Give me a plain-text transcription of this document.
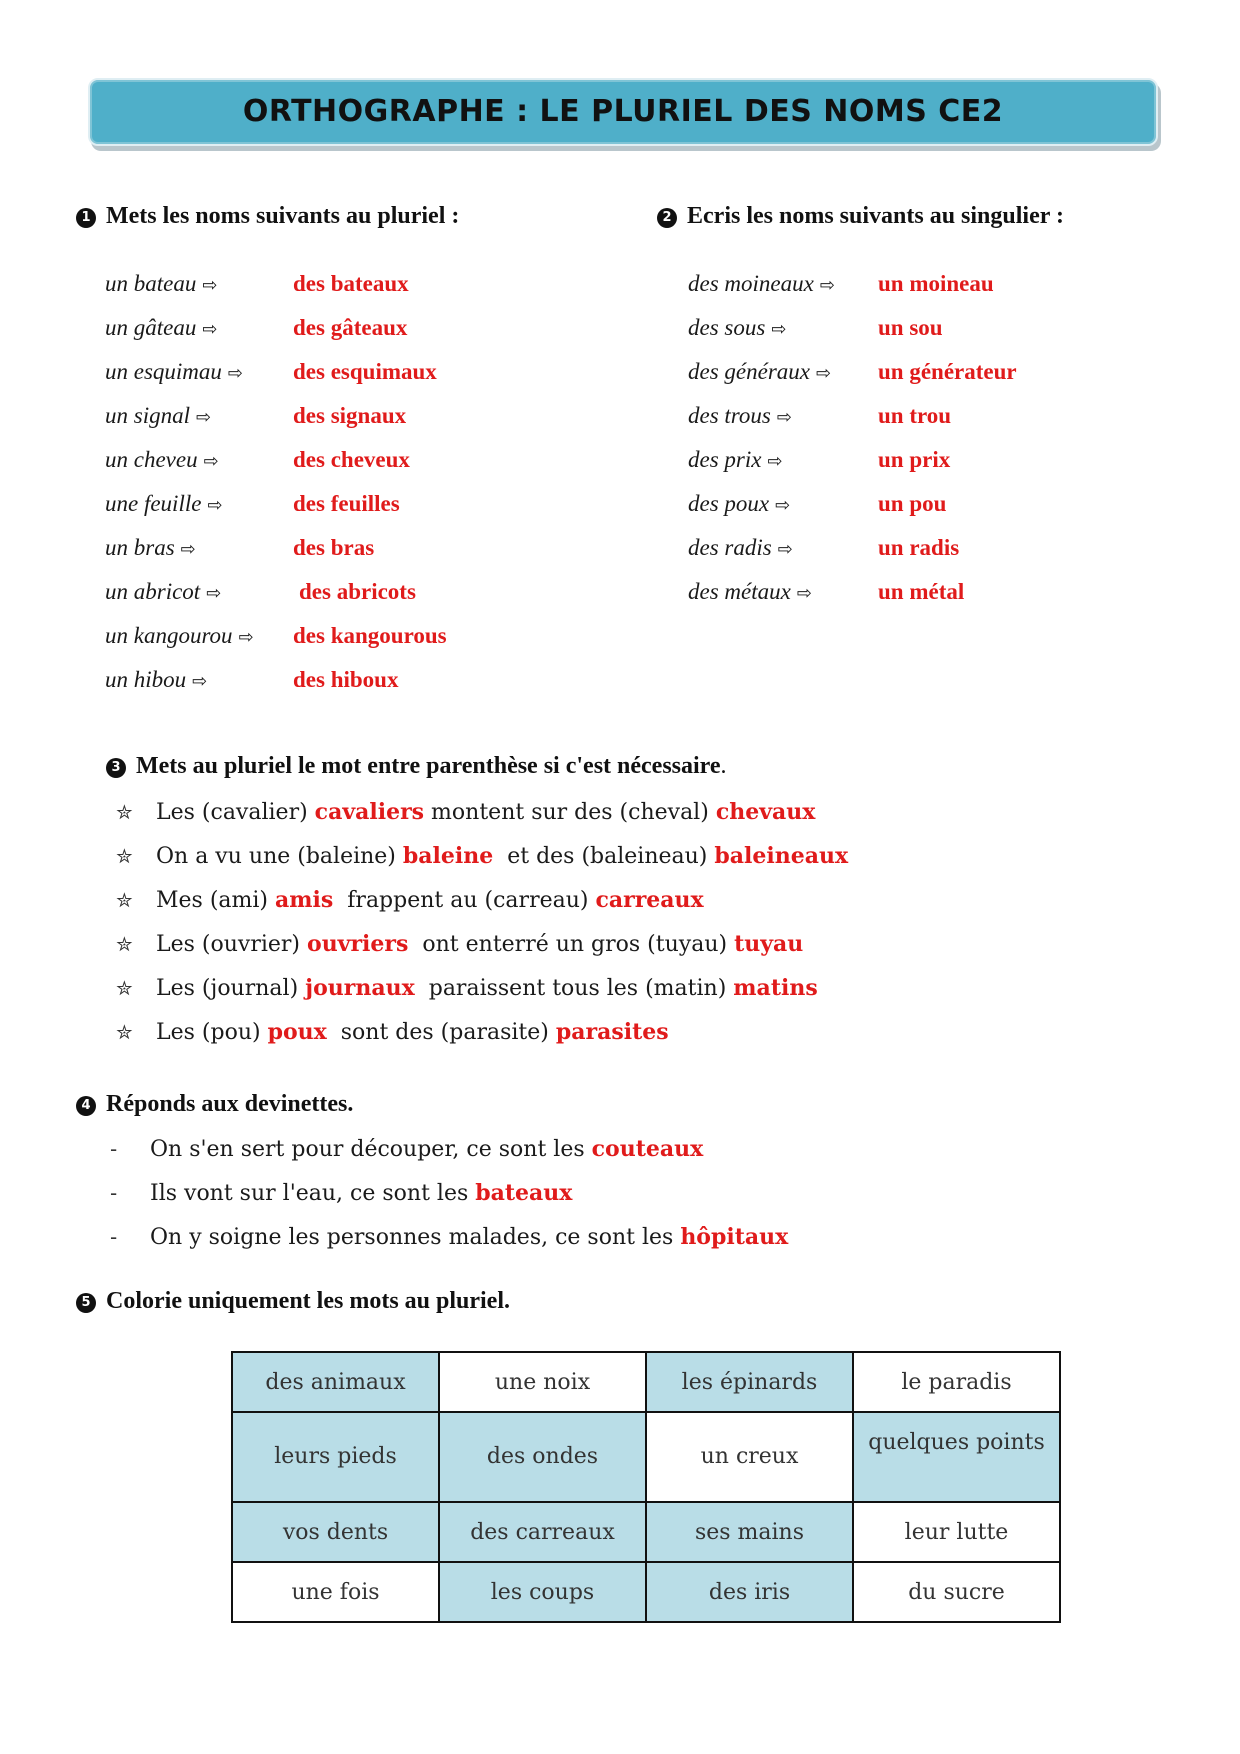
ORTHOGRAPHE : LE PLURIEL DES NOMS CE2
1 Mets les noms suivants au pluriel :
un bateau ⇨	des bateaux
un gâteau ⇨	des gâteaux
un esquimau ⇨ des esquimaux
un signal ⇨	des signaux
un cheveu ⇨	des cheveux
une feuille ⇨	des feuilles
un bras ⇨	des bras
un abricot ⇨	des abricots
un kangourou ⇨ des kangourous
un hibou ⇨	des hiboux
2 Ecris les noms suivants au singulier :
des moineaux ⇨ un moineau
des sous ⇨	un sou
des généraux ⇨ un générateur
des trous ⇨	un trou
des prix ⇨	un prix
des poux ⇨	un pou
des radis ⇨	un radis
des métaux ⇨	un métal
3 Mets au pluriel le mot entre parenthèse si c'est nécessaire.
✮ Les (cavalier) cavaliers montent sur des (cheval) chevaux
✮ On a vu une (baleine) baleine  et des (baleineau) baleineaux
✮ Mes (ami) amis  frappent au (carreau) carreaux
✮ Les (ouvrier) ouvriers  ont enterré un gros (tuyau) tuyau
✮ Les (journal) journaux  paraissent tous les (matin) matins
✮ Les (pou) poux  sont des (parasite) parasites
4 Réponds aux devinettes.
- On s'en sert pour découper, ce sont les couteaux
- Ils vont sur l'eau, ce sont les bateaux
- On y soigne les personnes malades, ce sont les hôpitaux
5 Colorie uniquement les mots au pluriel.
des animaux	une noix	les épinards	le paradis
leurs pieds	des ondes	un creux	quelques points
vos dents	des carreaux	ses mains	leur lutte
une fois	les coups	des iris	du sucre
